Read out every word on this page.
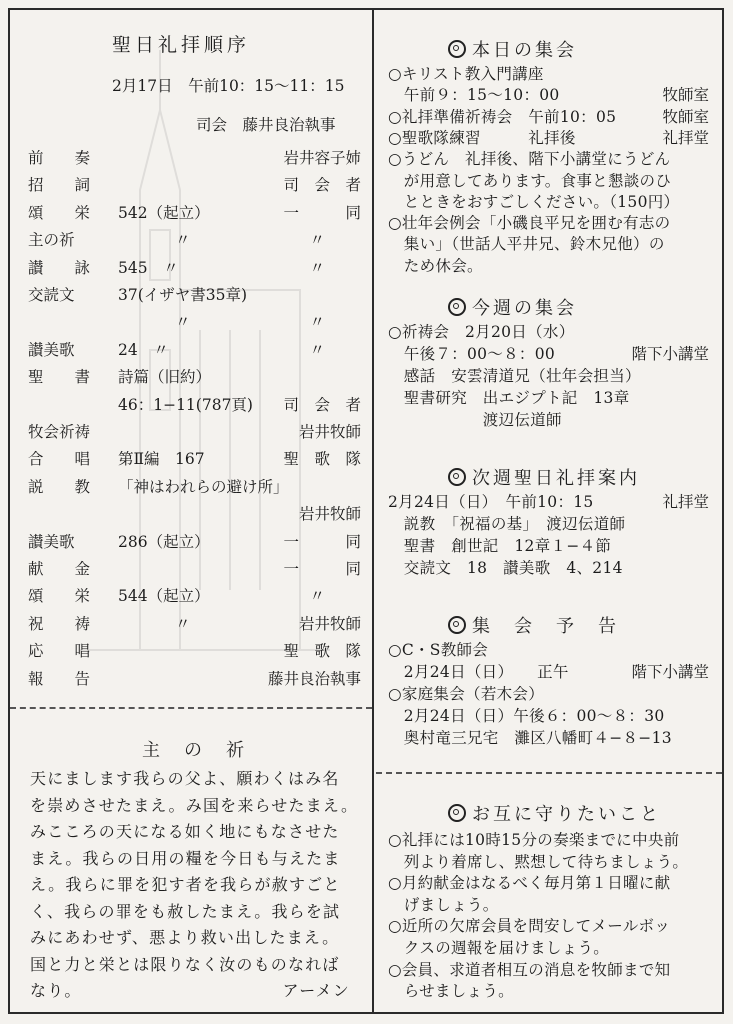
前　　奏	岩井容子姉
招　　詞	司　会　者
頌　　栄 542（起立）	一　　　同
主の祈	〃	〃
讃　　詠 545　〃	〃
交読文	37(イザヤ書35章)
〃	〃
讃美歌	24　〃	〃
聖　　書 詩篇（旧約）
46：1−11(787頁) 司　会　者
牧会祈祷	岩井牧師
合　　唱 第Ⅱ編　167	聖　歌　隊
説　　教 「神はわれらの避け所」
岩井牧師
讃美歌	286（起立）	一　　　同
献　　金	一　　　同
頌　　栄 544（起立）	〃
祝　　祷	〃	岩井牧師
応　　唱	聖　歌　隊
報　　告	藤井良治執事
本日の集会
○キリスト教入門講座
　午前９：15〜10：00	牧師室
○礼拝準備祈祷会　午前10：05	牧師室
○聖歌隊練習　　　礼拝後	礼拝堂
○うどん　礼拝後、階下小講堂にうどん
　が用意してあります。食事と懇談のひ
　とときをおすごしください。（150円）
○壮年会例会「小磯良平兄を囲む有志の
　集い」（世話人平井兄、鈴木兄他）の
　ため休会。
今週の集会
○祈祷会　2月20日（水）
　午後７：00〜８：00	階下小講堂
　感話　安雲清道兄（壮年会担当）
　聖書研究　出エジプト記　13章
　　　　　　渡辺伝道師
次週聖日礼拝案内
2月24日（日）　午前10：15	礼拝堂
　説教　「祝福の基」　渡辺伝道師
　聖書　創世記　12章１−４節
　交読文　18　讃美歌　4、214
集　会　予　告
○C・S教師会
　2月24日（日）　　正午	階下小講堂
○家庭集会（若木会）
　2月24日（日）午後６：00〜８：30
　奥村竜三兄宅　灘区八幡町４−８−13
お互に守りたいこと
○礼拝には10時15分の奏楽までに中央前
　列より着席し、黙想して待ちましょう。
○月約献金はなるべく毎月第１日曜に献
　げましょう。
○近所の欠席会員を問安してメールボッ
　クスの週報を届けましょう。
○会員、求道者相互の消息を牧師まで知
　らせましょう。
聖日礼拝順序
2月17日　午前10：15〜11：15
司会　藤井良治執事
主　の　祈
天にまします我らの父よ、願わくはみ名
を崇めさせたまえ。み国を来らせたまえ。
みこころの天になる如く地にもなさせた
まえ。我らの日用の糧を今日も与えたま
え。我らに罪を犯す者を我らが赦すごと
く、我らの罪をも赦したまえ。我らを試
みにあわせず、悪より救い出したまえ。
国と力と栄とは限りなく汝のものなれば
なり。	アーメン
